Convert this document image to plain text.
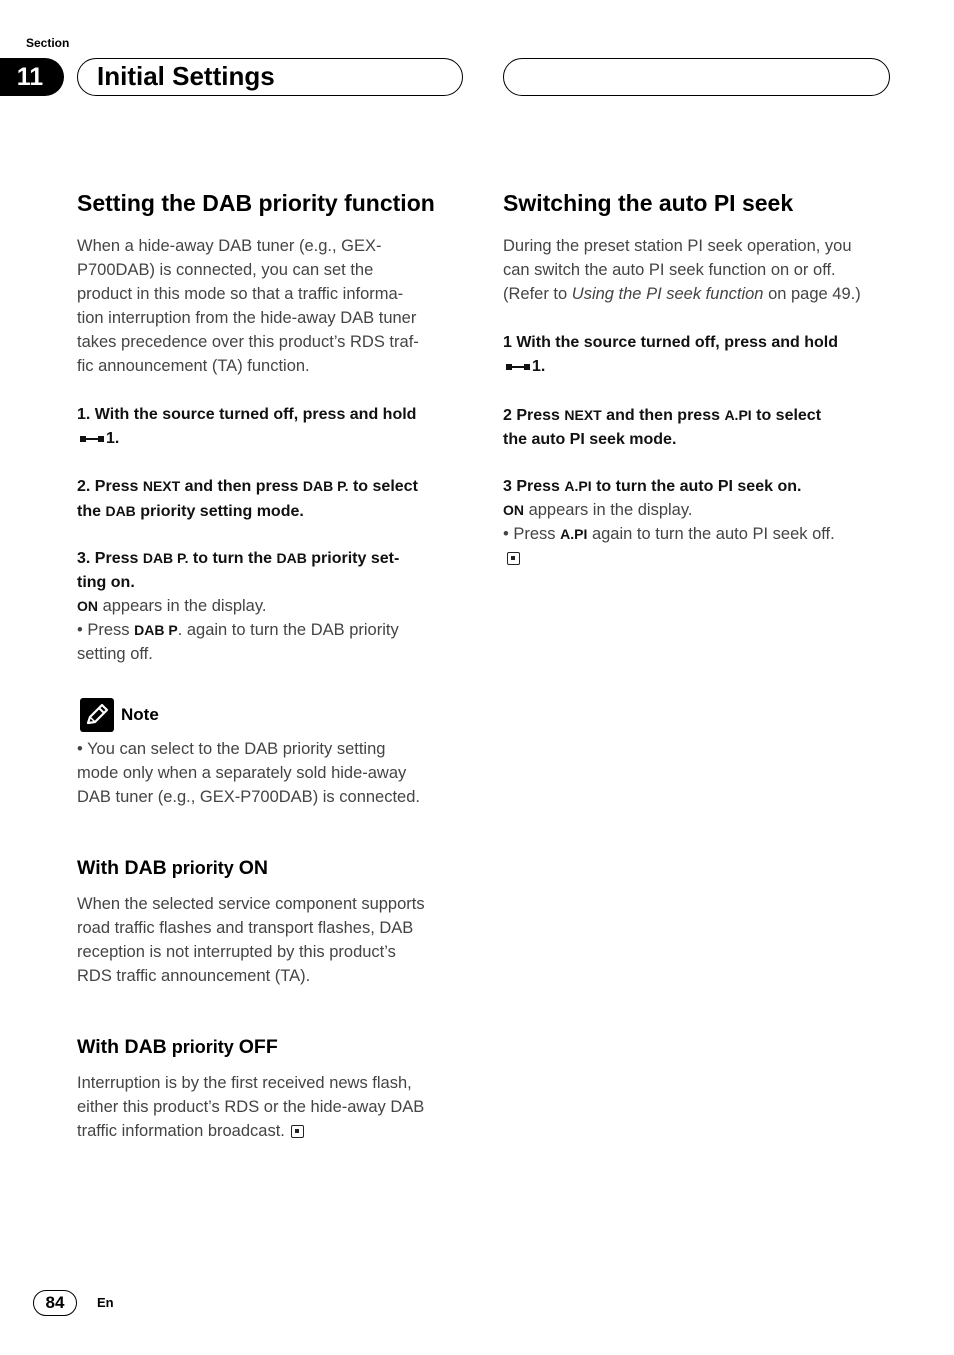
Section
11	Initial Settings
Setting the DAB priority function
When a hide-away DAB tuner (e.g., GEX-
P700DAB) is connected, you can set the
product in this mode so that a traffic informa-
tion interruption from the hide-away DAB tuner
takes precedence over this product’s RDS traf-
fic announcement (TA) function.
1. With the source turned off, press and hold
1.
2. Press NEXT and then press DAB P. to select
the DAB priority setting mode.
3. Press DAB P. to turn the DAB priority set-
ting on.
ON appears in the display.
• Press DAB P. again to turn the DAB priority
setting off.
Note
• You can select to the DAB priority setting
mode only when a separately sold hide-away
DAB tuner (e.g., GEX-P700DAB) is connected.
With DAB priority ON
When the selected service component supports
road traffic flashes and transport flashes, DAB
reception is not interrupted by this product’s
RDS traffic announcement (TA).
With DAB priority OFF
Interruption is by the first received news flash,
either this product’s RDS or the hide-away DAB
traffic information broadcast.
Switching the auto PI seek
During the preset station PI seek operation, you
can switch the auto PI seek function on or off.
(Refer to Using the PI seek function on page 49.)
1 With the source turned off, press and hold
1.
2 Press NEXT and then press A.PI to select
the auto PI seek mode.
3 Press A.PI to turn the auto PI seek on.
ON appears in the display.
• Press A.PI again to turn the auto PI seek off.
84	En
